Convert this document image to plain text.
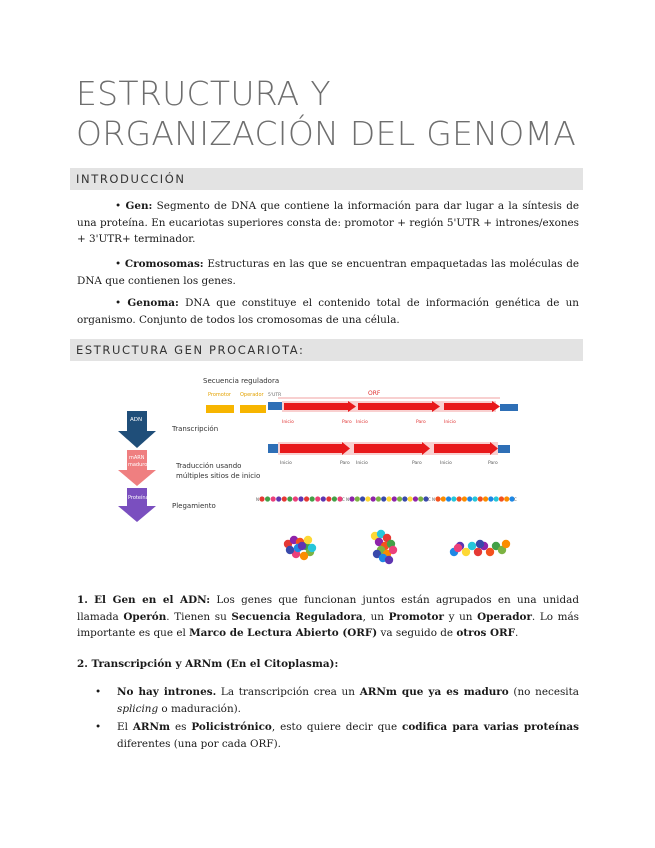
ESTRUCTURA Y ORGANIZACIÓN DEL GENOMA
INTRODUCCIÓN
• Gen: Segmento de DNA que contiene la información para dar lugar a la síntesis de una proteína. En eucariotas superiores consta de: promotor + región 5'UTR + intrones/exones + 3'UTR+ terminador.
• Cromosomas: Estructuras en las que se encuentran empaquetadas las moléculas de DNA que contienen los genes.
• Genoma: DNA que constituye el contenido total de información genética de un organismo. Conjunto de todos los cromosomas de una célula.
ESTRUCTURA GEN PROCARIOTA:
Secuencia reguladora
Promotor Operador 5'UTR	ORF
Inicio	Paro Inicio	Paro	Inicio
ADN
Transcripción
mARN
maduro	Traducción usando
múltiples sitios de inicio
Proteína
Plegamiento
Inicio	Paro Inicio	Paro	Inicio	Paro
N	C N	C N	C
1. El Gen en el ADN: Los genes que funcionan juntos están agrupados en una unidad llamada Operón. Tienen su Secuencia Reguladora, un Promotor y un Operador. Lo más importante es que el Marco de Lectura Abierto (ORF) va seguido de otros ORF.
2. Transcripción y ARNm (En el Citoplasma):
• No hay intrones. La transcripción crea un ARNm que ya es maduro (no necesita splicing o maduración).
• El ARNm es Policistrónico, esto quiere decir que codifica para varias proteínas diferentes (una por cada ORF).
